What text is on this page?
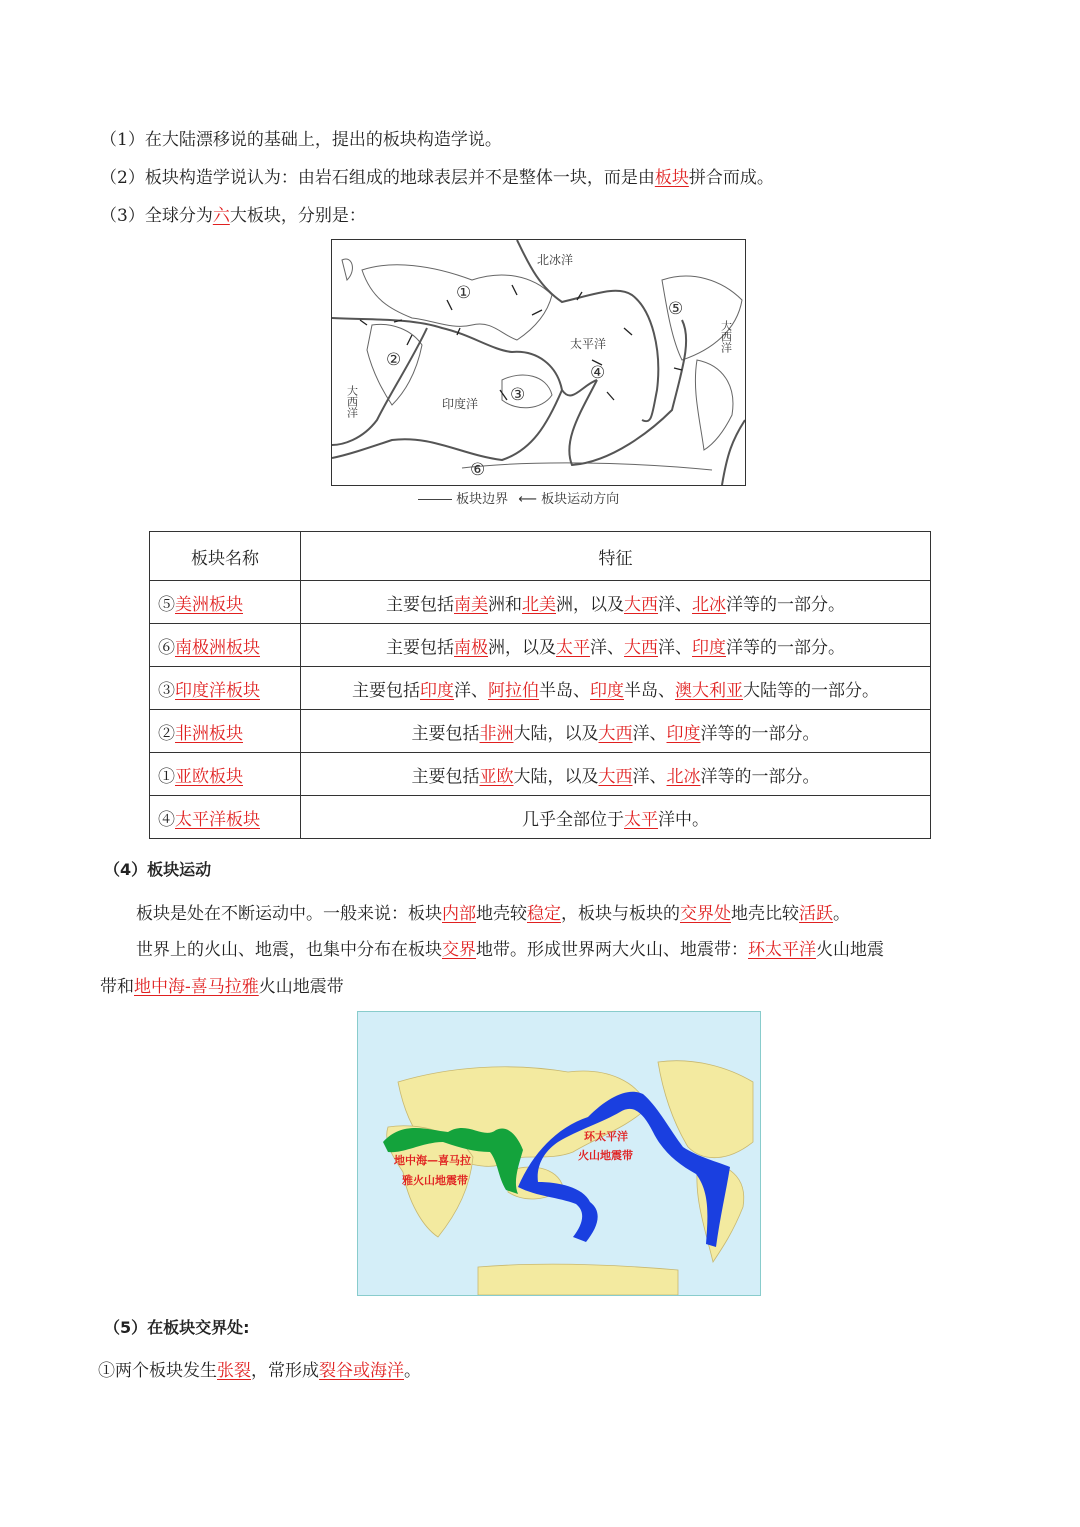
（1）在大陆漂移说的基础上，提出的板块构造学说。
（2）板块构造学说认为：由岩石组成的地球表层并不是整体一块，而是由板块拼合而成。
（3）全球分为六大板块，分别是：
北冰洋
太平洋
印度洋
大西洋
大西洋
①
②
③
④
⑤
⑥
板块边界 ⟵ 板块运动方向
板块名称	特征
⑤美洲板块	主要包括南美洲和北美洲，以及大西洋、北冰洋等的一部分。
⑥南极洲板块	主要包括南极洲，以及太平洋、大西洋、印度洋等的一部分。
③印度洋板块	主要包括印度洋、阿拉伯半岛、印度半岛、澳大利亚大陆等的一部分。
②非洲板块	主要包括非洲大陆，以及大西洋、印度洋等的一部分。
①亚欧板块	主要包括亚欧大陆，以及大西洋、北冰洋等的一部分。
④太平洋板块	几乎全部位于太平洋中。
（4）板块运动
板块是处在不断运动中。一般来说：板块内部地壳较稳定，板块与板块的交界处地壳比较活跃。
世界上的火山、地震，也集中分布在板块交界地带。形成世界两大火山、地震带：环太平洋火山地震
带和地中海-喜马拉雅火山地震带
地中海—喜马拉
雅火山地震带
环太平洋
火山地震带
（5）在板块交界处:
①两个板块发生张裂，常形成裂谷或海洋。
